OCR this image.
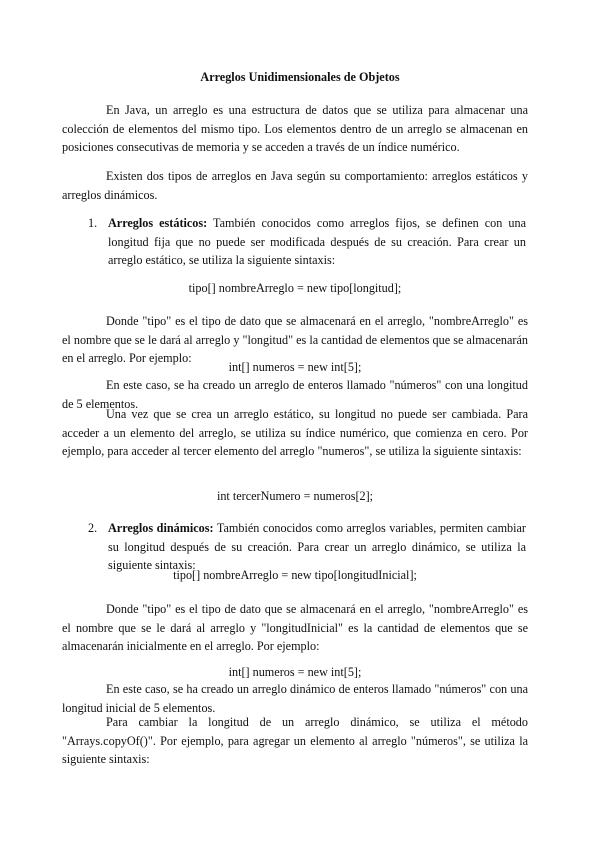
Arreglos Unidimensionales de Objetos

En Java, un arreglo es una estructura de datos que se utiliza para almacenar una colección de elementos del mismo tipo. Los elementos dentro de un arreglo se almacenan en posiciones consecutivas de memoria y se acceden a través de un índice numérico.

Existen dos tipos de arreglos en Java según su comportamiento: arreglos estáticos y arreglos dinámicos.

1. Arreglos estáticos: También conocidos como arreglos fijos, se definen con una longitud fija que no puede ser modificada después de su creación. Para crear un arreglo estático, se utiliza la siguiente sintaxis:

tipo[] nombreArreglo = new tipo[longitud];

Donde "tipo" es el tipo de dato que se almacenará en el arreglo, "nombreArreglo" es el nombre que se le dará al arreglo y "longitud" es la cantidad de elementos que se almacenarán en el arreglo. Por ejemplo:

int[] numeros = new int[5];

En este caso, se ha creado un arreglo de enteros llamado "números" con una longitud de 5 elementos.

Una vez que se crea un arreglo estático, su longitud no puede ser cambiada. Para acceder a un elemento del arreglo, se utiliza su índice numérico, que comienza en cero. Por ejemplo, para acceder al tercer elemento del arreglo "numeros", se utiliza la siguiente sintaxis:

int tercerNumero = numeros[2];
2. Arreglos dinámicos: También conocidos como arreglos variables, permiten cambiar su longitud después de su creación. Para crear un arreglo dinámico, se utiliza la siguiente sintaxis:

tipo[] nombreArreglo = new tipo[longitudInicial];

Donde "tipo" es el tipo de dato que se almacenará en el arreglo, "nombreArreglo" es el nombre que se le dará al arreglo y "longitudInicial" es la cantidad de elementos que se almacenarán inicialmente en el arreglo. Por ejemplo:

int[] numeros = new int[5];

En este caso, se ha creado un arreglo dinámico de enteros llamado "números" con una longitud inicial de 5 elementos.

Para cambiar la longitud de un arreglo dinámico, se utiliza el método "Arrays.copyOf()". Por ejemplo, para agregar un elemento al arreglo "números", se utiliza la siguiente sintaxis:
